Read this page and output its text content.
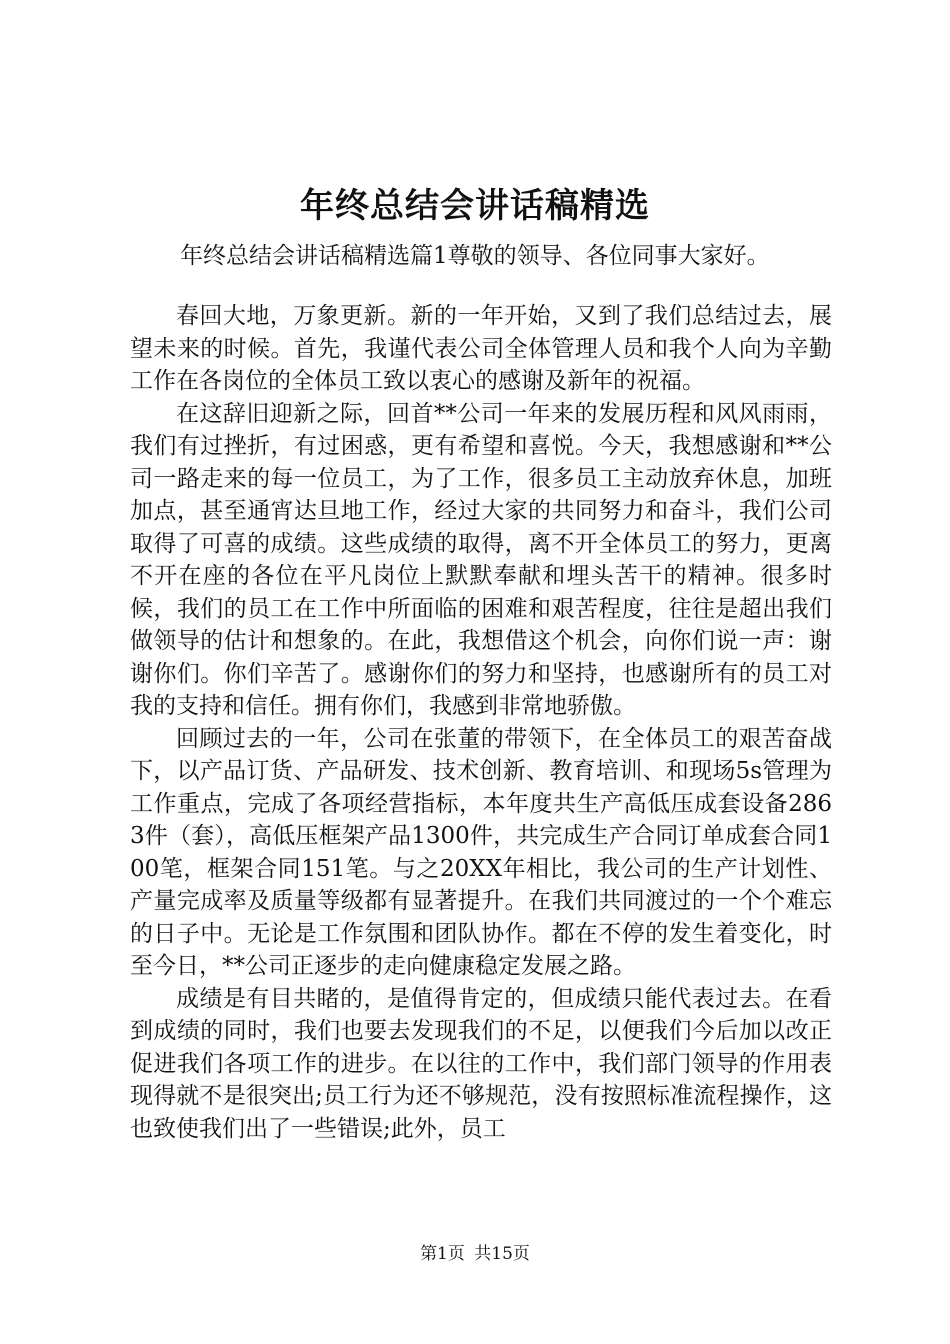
年终总结会讲话稿精选

年终总结会讲话稿精选篇1尊敬的领导、各位同事大家好。

春回大地，万象更新。新的一年开始，又到了我们总结过去，展望未来的时候。首先，我谨代表公司全体管理人员和我个人向为辛勤工作在各岗位的全体员工致以衷心的感谢及新年的祝福。

在这辞旧迎新之际，回首**公司一年来的发展历程和风风雨雨，我们有过挫折，有过困惑，更有希望和喜悦。今天，我想感谢和**公司一路走来的每一位员工，为了工作，很多员工主动放弃休息，加班加点，甚至通宵达旦地工作，经过大家的共同努力和奋斗，我们公司取得了可喜的成绩。这些成绩的取得，离不开全体员工的努力，更离不开在座的各位在平凡岗位上默默奉献和埋头苦干的精神。很多时候，我们的员工在工作中所面临的困难和艰苦程度，往往是超出我们做领导的估计和想象的。在此，我想借这个机会，向你们说一声：谢谢你们。你们辛苦了。感谢你们的努力和坚持，也感谢所有的员工对我的支持和信任。拥有你们，我感到非常地骄傲。

回顾过去的一年，公司在张董的带领下，在全体员工的艰苦奋战下，以产品订货、产品研发、技术创新、教育培训、和现场5s管理为工作重点，完成了各项经营指标，本年度共生产高低压成套设备2863件（套），高低压框架产品1300件，共完成生产合同订单成套合同100笔，框架合同151笔。与之20XX年相比，我公司的生产计划性、产量完成率及质量等级都有显著提升。在我们共同渡过的一个个难忘的日子中。无论是工作氛围和团队协作。都在不停的发生着变化，时至今日，**公司正逐步的走向健康稳定发展之路。

成绩是有目共睹的，是值得肯定的，但成绩只能代表过去。在看到成绩的同时，我们也要去发现我们的不足，以便我们今后加以改正促进我们各项工作的进步。在以往的工作中，我们部门领导的作用表现得就不是很突出;员工行为还不够规范，没有按照标准流程操作，这也致使我们出了一些错误;此外，员工

第1页 共15页
